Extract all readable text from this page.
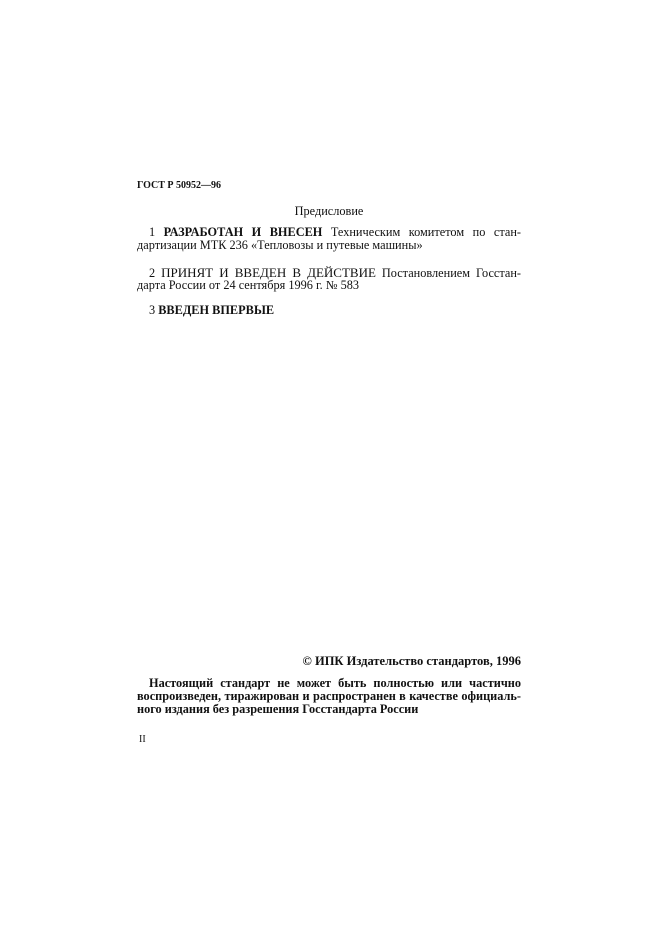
ГОСТ Р 50952—96
Предисловие
1 РАЗРАБОТАН И ВНЕСЕН Техническим комитетом по стан-
дартизации МТК 236 «Тепловозы и путевые машины»
2 ПРИНЯТ И ВВЕДЕН В ДЕЙСТВИЕ Постановлением Госстан-
дарта России от 24 сентября 1996 г. № 583
3 ВВЕДЕН ВПЕРВЫЕ
© ИПК Издательство стандартов, 1996
Настоящий стандарт не может быть полностью или частично
воспроизведен, тиражирован и распространен в качестве официаль-
ного издания без разрешения Госстандарта России
II
